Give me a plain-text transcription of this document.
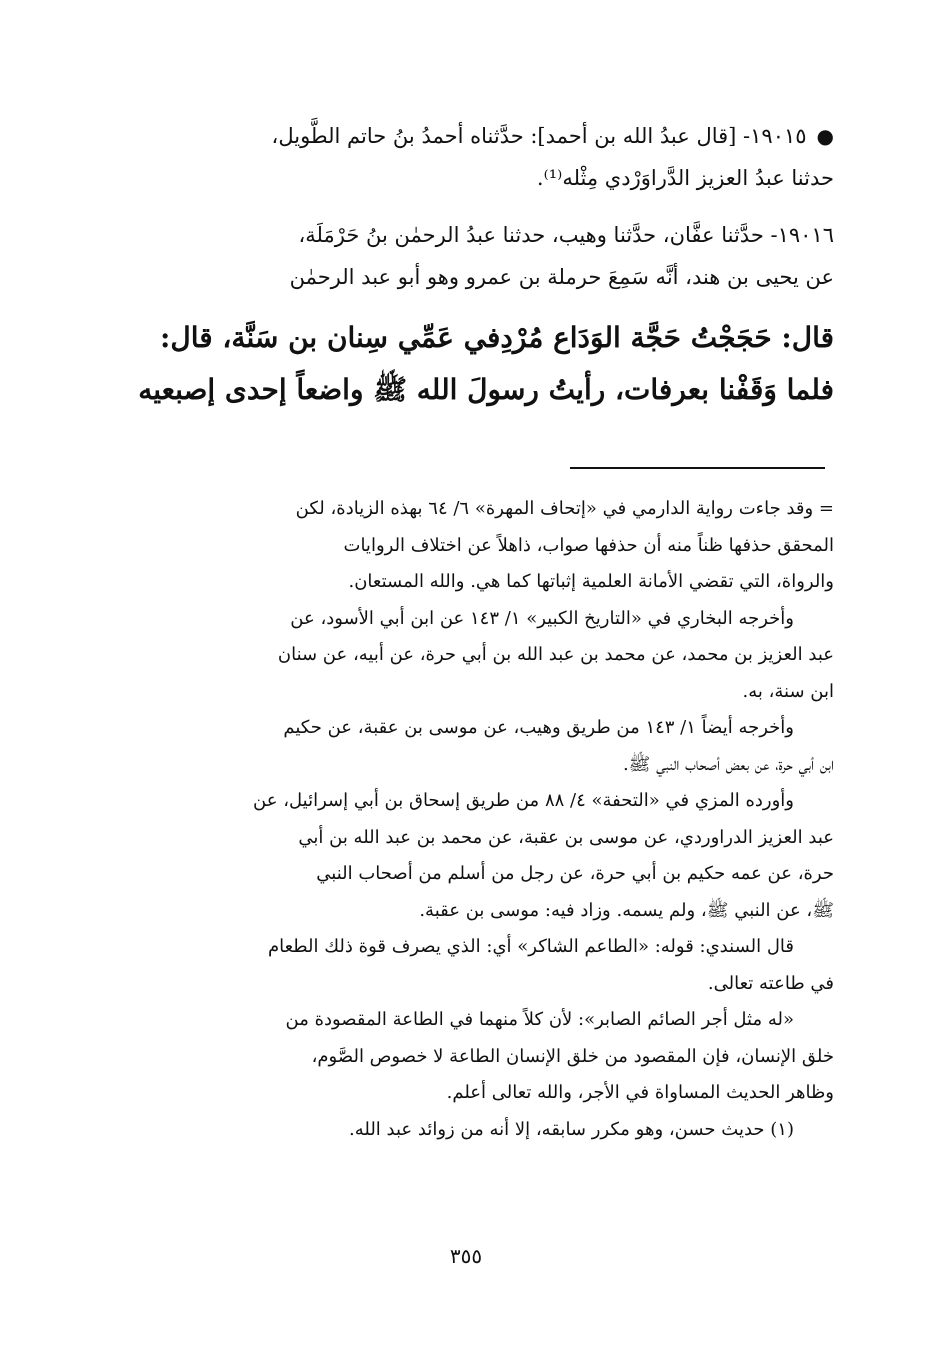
●١٩٠١٥- [قال عبدُ الله بن أحمد]: حدَّثناه أحمدُ بنُ حاتم الطَّويل،
حدثنا عبدُ العزيز الدَّراوَرْدي مِثْله⁽¹⁾.
١٩٠١٦- حدَّثنا عفَّان، حدَّثنا وهيب، حدثنا عبدُ الرحمٰن بنُ حَرْمَلَة،
عن يحيى بن هند، أنَّه سَمِعَ حرملة بن عمرو وهو أبو عبد الرحمٰن
قال: حَجَجْتُ حَجَّة الوَدَاع مُرْدِفي عَمِّي سِنان بن سَنَّة، قال:
فلما وَقَفْنا بعرفات، رأيتُ رسولَ الله ﷺ واضعاً إحدى إصبعيه
= وقد جاءت رواية الدارمي في «إتحاف المهرة» ٦/ ٦٤ بهذه الزيادة، لكن
المحقق حذفها ظناً منه أن حذفها صواب، ذاهلاً عن اختلاف الروايات
والرواة، التي تقضي الأمانة العلمية إثباتها كما هي. والله المستعان.
وأخرجه البخاري في «التاريخ الكبير» ١/ ١٤٣ عن ابن أبي الأسود، عن
عبد العزيز بن محمد، عن محمد بن عبد الله بن أبي حرة، عن أبيه، عن سنان
ابن سنة، به.
وأخرجه أيضاً ١/ ١٤٣ من طريق وهيب، عن موسى بن عقبة، عن حكيم
ابن أبي حرة، عن بعض أصحاب النبي ﷺ.
وأورده المزي في «التحفة» ٤/ ٨٨ من طريق إسحاق بن أبي إسرائيل، عن
عبد العزيز الدراوردي، عن موسى بن عقبة، عن محمد بن عبد الله بن أبي
حرة، عن عمه حكيم بن أبي حرة، عن رجل من أسلم من أصحاب النبي
ﷺ، عن النبي ﷺ، ولم يسمه. وزاد فيه: موسى بن عقبة.
قال السندي: قوله: «الطاعم الشاكر» أي: الذي يصرف قوة ذلك الطعام
في طاعته تعالى.
«له مثل أجر الصائم الصابر»: لأن كلاً منهما في الطاعة المقصودة من
خلق الإنسان، فإن المقصود من خلق الإنسان الطاعة لا خصوص الصَّوم،
وظاهر الحديث المساواة في الأجر، والله تعالى أعلم.
(١) حديث حسن، وهو مكرر سابقه، إلا أنه من زوائد عبد الله.
٣٥٥
